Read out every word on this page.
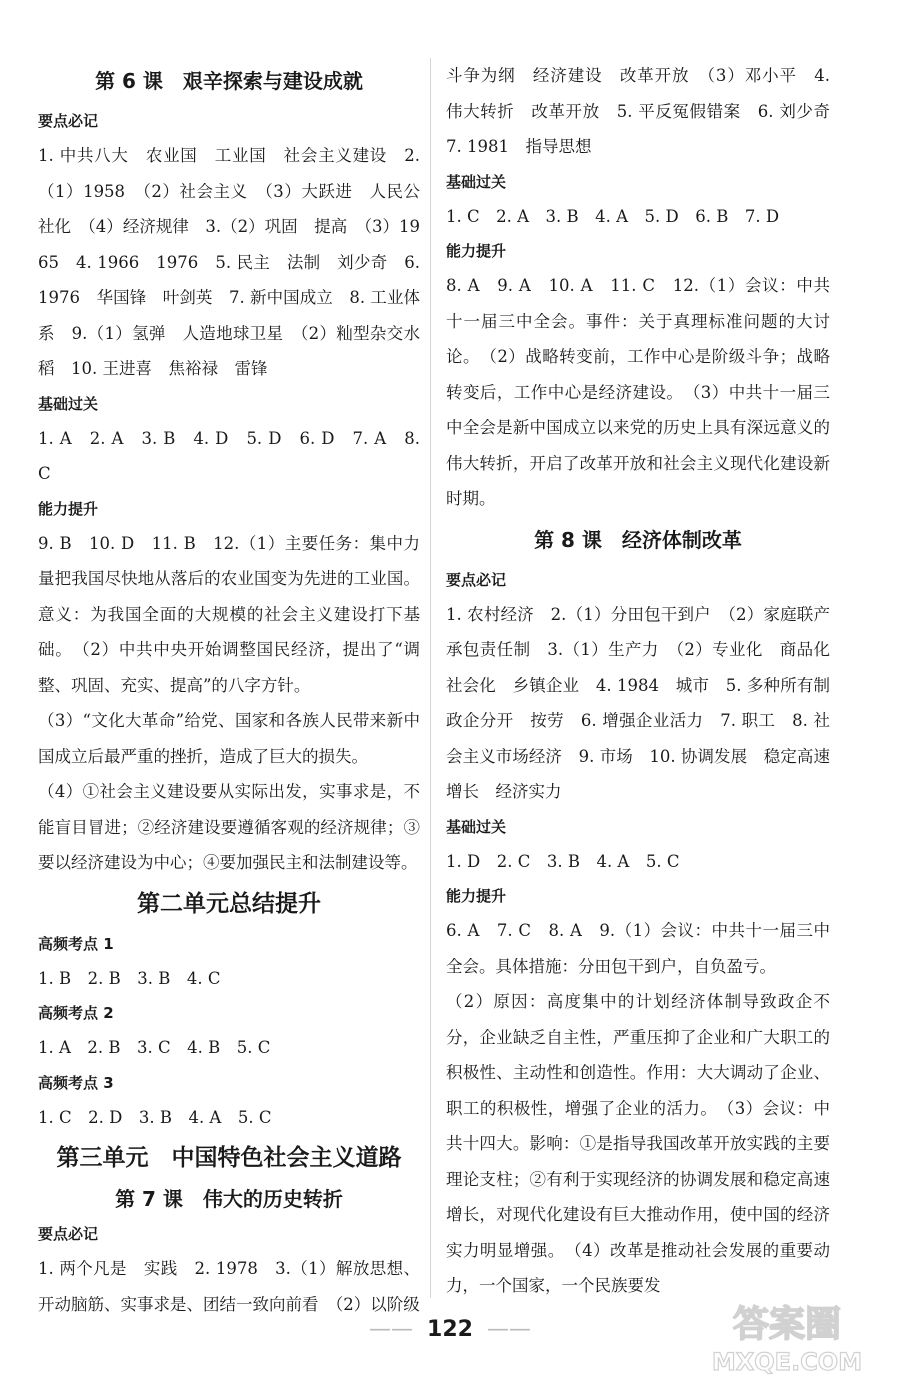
第 6 课　艰辛探索与建设成就
要点必记

1. 中共八大　农业国　工业国　社会主义建设　2.（1）1958　（2）社会主义　（3）大跃进　人民公社化　（4）经济规律　3.（2）巩固　提高　（3）1965　4. 1966　1976　5. 民主　法制　刘少奇　6. 1976　华国锋　叶剑英　7. 新中国成立　8. 工业体系　9.（1）氢弹　人造地球卫星　（2）籼型杂交水稻　10. 王进喜　焦裕禄　雷锋

基础过关

1. A　2. A　3. B　4. D　5. D　6. D　7. A　8. C

能力提升

9. B　10. D　11. B　12.（1）主要任务：集中力量把我国尽快地从落后的农业国变为先进的工业国。意义：为我国全面的大规模的社会主义建设打下基础。　（2）中共中央开始调整国民经济，提出了“调整、巩固、充实、提高”的八字方针。

（3）“文化大革命”给党、国家和各族人民带来新中国成立后最严重的挫折，造成了巨大的损失。

（4）①社会主义建设要从实际出发，实事求是，不能盲目冒进；②经济建设要遵循客观的经济规律；③要以经济建设为中心；④要加强民主和法制建设等。

第二单元总结提升
高频考点 1

1. B　2. B　3. B　4. C

高频考点 2

1. A　2. B　3. C　4. B　5. C

高频考点 3

1. C　2. D　3. B　4. A　5. C

第三单元　中国特色社会主义道路
第 7 课　伟大的历史转折
要点必记

1. 两个凡是　实践　2. 1978　3.（1）解放思想、开动脑筋、实事求是、团结一致向前看　（2）以阶级

斗争为纲　经济建设　改革开放　（3）邓小平　4. 伟大转折　改革开放　5. 平反冤假错案　6. 刘少奇　7. 1981　指导思想

基础过关

1. C　2. A　3. B　4. A　5. D　6. B　7. D

能力提升

8. A　9. A　10. A　11. C　12.（1）会议：中共十一届三中全会。事件：关于真理标准问题的大讨论。　（2）战略转变前，工作中心是阶级斗争；战略转变后，工作中心是经济建设。　（3）中共十一届三中全会是新中国成立以来党的历史上具有深远意义的伟大转折，开启了改革开放和社会主义现代化建设新时期。

第 8 课　经济体制改革
要点必记

1. 农村经济　2.（1）分田包干到户　（2）家庭联产承包责任制　3.（1）生产力　（2）专业化　商品化　社会化　乡镇企业　4. 1984　城市　5. 多种所有制　政企分开　按劳　6. 增强企业活力　7. 职工　8. 社会主义市场经济　9. 市场　10. 协调发展　稳定高速增长　经济实力

基础过关

1. D　2. C　3. B　4. A　5. C

能力提升

6. A　7. C　8. A　9.（1）会议：中共十一届三中全会。具体措施：分田包干到户，自负盈亏。

（2）原因：高度集中的计划经济体制导致政企不分，企业缺乏自主性，严重压抑了企业和广大职工的积极性、主动性和创造性。作用：大大调动了企业、职工的积极性，增强了企业的活力。　（3）会议：中共十四大。影响：①是指导我国改革开放实践的主要理论支柱；②有利于实现经济的协调发展和稳定高速增长，对现代化建设有巨大推动作用，使中国的经济实力明显增强。　（4）改革是推动社会发展的重要动力，一个国家，一个民族要发

—— 122 ——	答案圈
MXQE.COM
